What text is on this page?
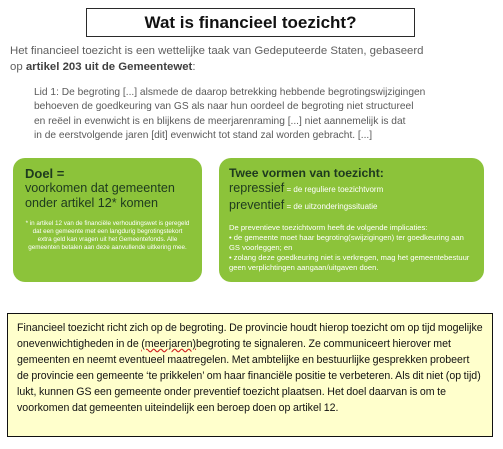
Wat is financieel toezicht?
Het financieel toezicht is een wettelijke taak van Gedeputeerde Staten, gebaseerd
op artikel 203 uit de Gemeentewet:
Lid 1: De begroting [...] alsmede de daarop betrekking hebbende begrotingswijzigingen
behoeven de goedkeuring van GS als naar hun oordeel de begroting niet structureel
en reëel in evenwicht is en blijkens de meerjarenraming [...] niet aannemelijk is dat
in de eerstvolgende jaren [dit] evenwicht tot stand zal worden gebracht. [...]
Doel =
voorkomen dat gemeenten
onder artikel 12* komen
* in artikel 12 van de financiële verhoudingswet is geregeld dat een gemeente met een langdurig begrotingstekort extra geld kan vragen uit het Gemeentefonds. Alle gemeenten betalen aan deze aanvullende uitkering mee.
Twee vormen van toezicht:
repressief = de reguliere toezichtvorm
preventief = de uitzonderingssituatie
De preventieve toezichtvorm heeft de volgende implicaties:
• de gemeente moet haar begroting(swijzigingen) ter goedkeuring aan GS voorleggen; en
• zolang deze goedkeuring niet is verkregen, mag het gemeentebestuur geen verplichtingen aangaan/uitgaven doen.
Financieel toezicht richt zich op de begroting. De provincie houdt hierop toezicht om op tijd mogelijke onevenwichtigheden in de (meerjaren)begroting te signaleren. Ze communiceert hierover met gemeenten en neemt eventueel maatregelen. Met ambtelijke en bestuurlijke gesprekken probeert de provincie een gemeente ‘te prikkelen’ om haar financiële positie te verbeteren. Als dit niet (op tijd) lukt, kunnen GS een gemeente onder preventief toezicht plaatsen. Het doel daarvan is om te voorkomen dat gemeenten uiteindelijk een beroep doen op artikel 12.
